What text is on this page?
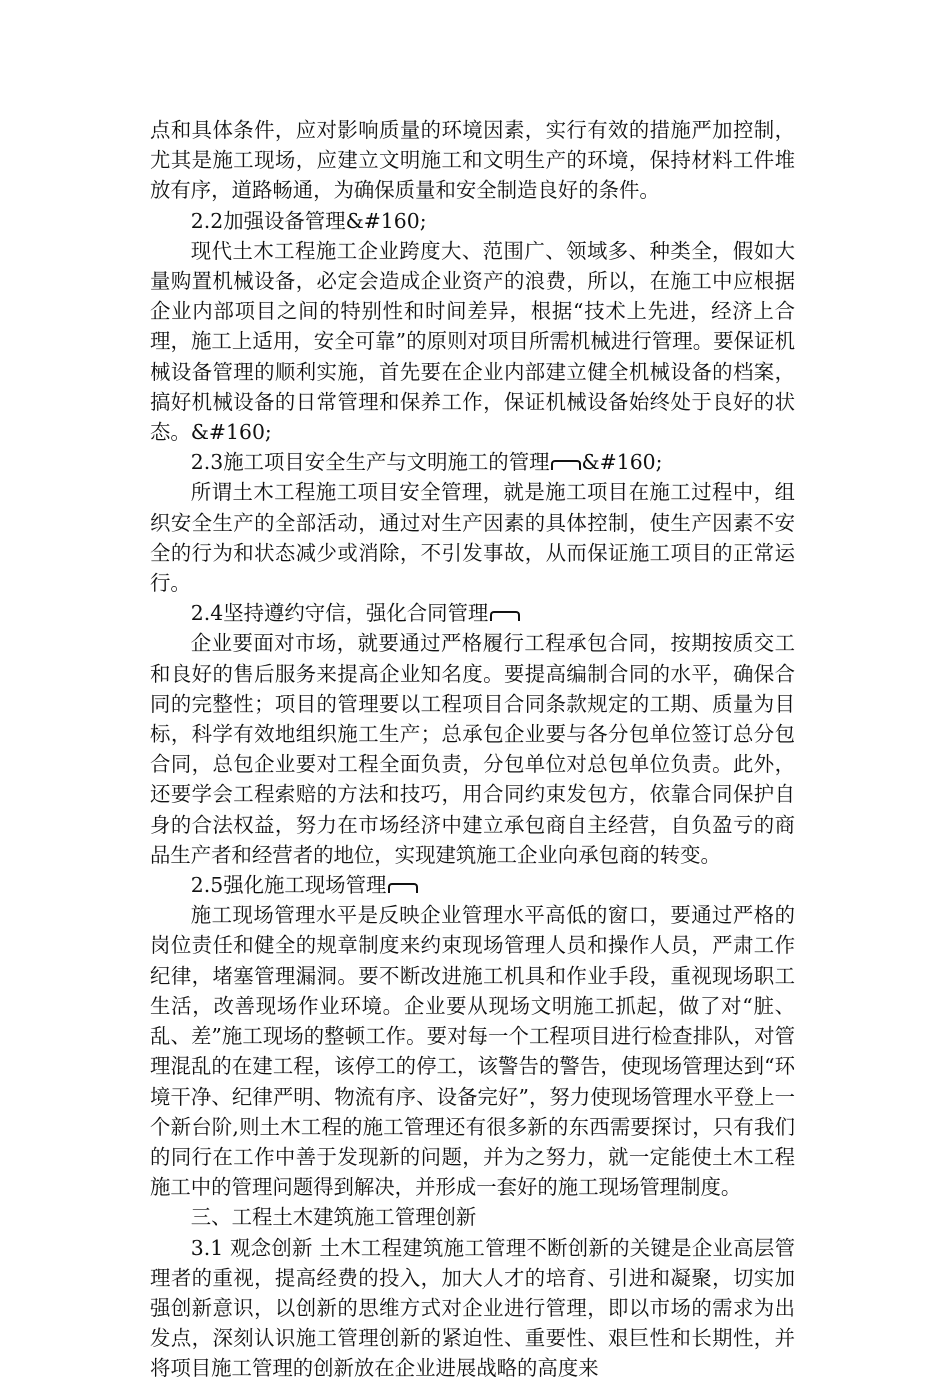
点和具体条件，应对影响质量的环境因素，实行有效的措施严加控制，尤其是施工现场，应建立文明施工和文明生产的环境，保持材料工件堆放有序，道路畅通，为确保质量和安全制造良好的条件。

2.2加强设备管理&#160;

现代土木工程施工企业跨度大、范围广、领域多、种类全，假如大量购置机械设备，必定会造成企业资产的浪费，所以，在施工中应根据企业内部项目之间的特别性和时间差异，根据“技术上先进，经济上合理，施工上适用，安全可靠”的原则对项目所需机械进行管理。要保证机械设备管理的顺利实施，首先要在企业内部建立健全机械设备的档案，搞好机械设备的日常管理和保养工作，保证机械设备始终处于良好的状态。&#160;

2.3施工项目安全生产与文明施工的管理 &#160;

所谓土木工程施工项目安全管理，就是施工项目在施工过程中，组织安全生产的全部活动，通过对生产因素的具体控制，使生产因素不安全的行为和状态减少或消除，不引发事故，从而保证施工项目的正常运行。

2.4坚持遵约守信，强化合同管理

企业要面对市场，就要通过严格履行工程承包合同，按期按质交工和良好的售后服务来提高企业知名度。要提高编制合同的水平，确保合同的完整性；项目的管理要以工程项目合同条款规定的工期、质量为目标，科学有效地组织施工生产；总承包企业要与各分包单位签订总分包合同，总包企业要对工程全面负责，分包单位对总包单位负责。此外，还要学会工程索赔的方法和技巧，用合同约束发包方，依靠合同保护自身的合法权益，努力在市场经济中建立承包商自主经营，自负盈亏的商品生产者和经营者的地位，实现建筑施工企业向承包商的转变。

2.5强化施工现场管理

施工现场管理水平是反映企业管理水平高低的窗口，要通过严格的岗位责任和健全的规章制度来约束现场管理人员和操作人员，严肃工作纪律，堵塞管理漏洞。要不断改进施工机具和作业手段，重视现场职工生活，改善现场作业环境。企业要从现场文明施工抓起，做了对“脏、乱、差”施工现场的整顿工作。要对每一个工程项目进行检查排队，对管理混乱的在建工程，该停工的停工，该警告的警告，使现场管理达到“环境干净、纪律严明、物流有序、设备完好”，努力使现场管理水平登上一个新台阶,则土木工程的施工管理还有很多新的东西需要探讨，只有我们的同行在工作中善于发现新的问题，并为之努力，就一定能使土木工程施工中的管理问题得到解决，并形成一套好的施工现场管理制度。

三、工程土木建筑施工管理创新

3.1 观念创新 土木工程建筑施工管理不断创新的关键是企业高层管理者的重视，提高经费的投入，加大人才的培育、引进和凝聚，切实加强创新意识，以创新的思维方式对企业进行管理，即以市场的需求为出发点，深刻认识施工管理创新的紧迫性、重要性、艰巨性和长期性，并将项目施工管理的创新放在企业进展战略的高度来
